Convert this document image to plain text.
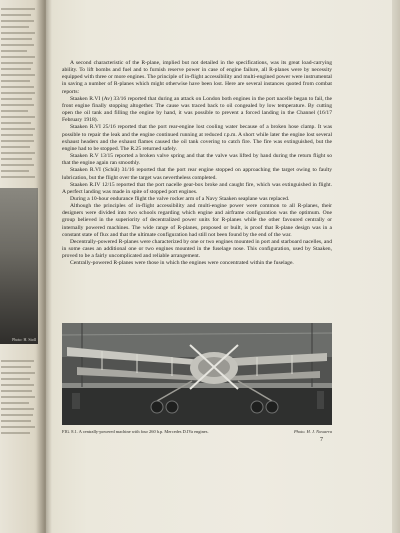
Photo: H. Stoll

A second characteristic of the R-plane, implied but not detailed in the specifications, was its great load-carrying ability. To lift bombs and fuel and to furnish reserve power in case of engine failure, all R-planes were by necessity equipped with three or more engines. The principle of in-flight accessibility and multi-engined power were instrumental in saving a number of R-planes which might otherwise have been lost. Here are several instances quoted from combat reports:

Staaken R.VI (Av) 33/16 reported that during an attack on London both engines in the port nacelle began to fail, the front engine finally stopping altogether. The cause was traced back to oil congealed by low temperature. By cutting open the oil tank and filling the engine by hand, it was possible to prevent a forced landing in the Channel (16/17 February 1918).

Staaken R.VI 25/16 reported that the port rear-engine lost cooling water because of a broken hose clamp. It was possible to repair the leak and the engine continued running at reduced r.p.m. A short while later the engine lost several exhaust headers and the exhaust flames caused the oil tank covering to catch fire. The fire was extinguished, but the engine had to be stopped. The R.25 returned safely.

Staaken R.V 13/15 reported a broken valve spring and that the valve was lifted by hand during the return flight so that the engine again ran smoothly.

Staaken R.VI (Schül) 31/16 reported that the port rear engine stopped on approaching the target owing to faulty lubrication, but the flight over the target was nevertheless completed.

Staaken R.IV 12/15 reported that the port nacelle gear-box broke and caught fire, which was extinguished in flight. A perfect landing was made in spite of stopped port engines.

During a 10-hour endurance flight the valve rocker arm of a Navy Staaken seaplane was replaced.

Although the principles of in-flight accessibility and multi-engine power were common to all R-planes, their designers were divided into two schools regarding which engine and airframe configuration was the optimum. One group believed in the superiority of decentralized power units for R-planes while the other favoured centrally or internally powered machines. The wide range of R-planes, proposed or built, is proof that R-plane design was in a constant state of flux and that the ultimate configuration had still not been found by the end of the war.

Decentrally-powered R-planes were characterized by one or two engines mounted in port and starboard nacelles, and in some cases an additional one or two engines mounted in the fuselage nose. This configuration, used by Staaken, proved to be a fairly uncomplicated and reliable arrangement.

Centrally-powered R-planes were those in which the engines were concentrated within the fuselage.

FIG. 8.1. A centrally-powered machine with four 260 h.p. Mercedes D.IVa engines.	Photo. H. J. Nowarra
7
